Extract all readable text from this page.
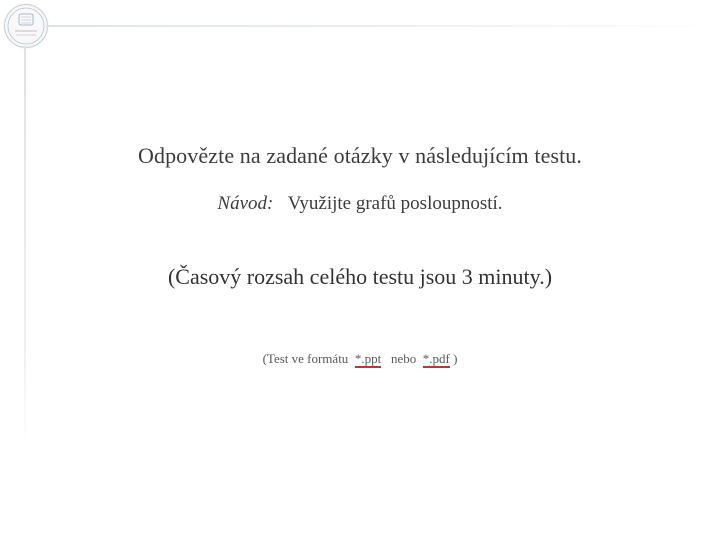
Odpovězte na zadané otázky v následujícím testu.
Návod: Využijte grafů posloupností.
(Časový rozsah celého testu jsou 3 minuty.)
(Test ve formátu  *.ppt   nebo  *.pdf )
